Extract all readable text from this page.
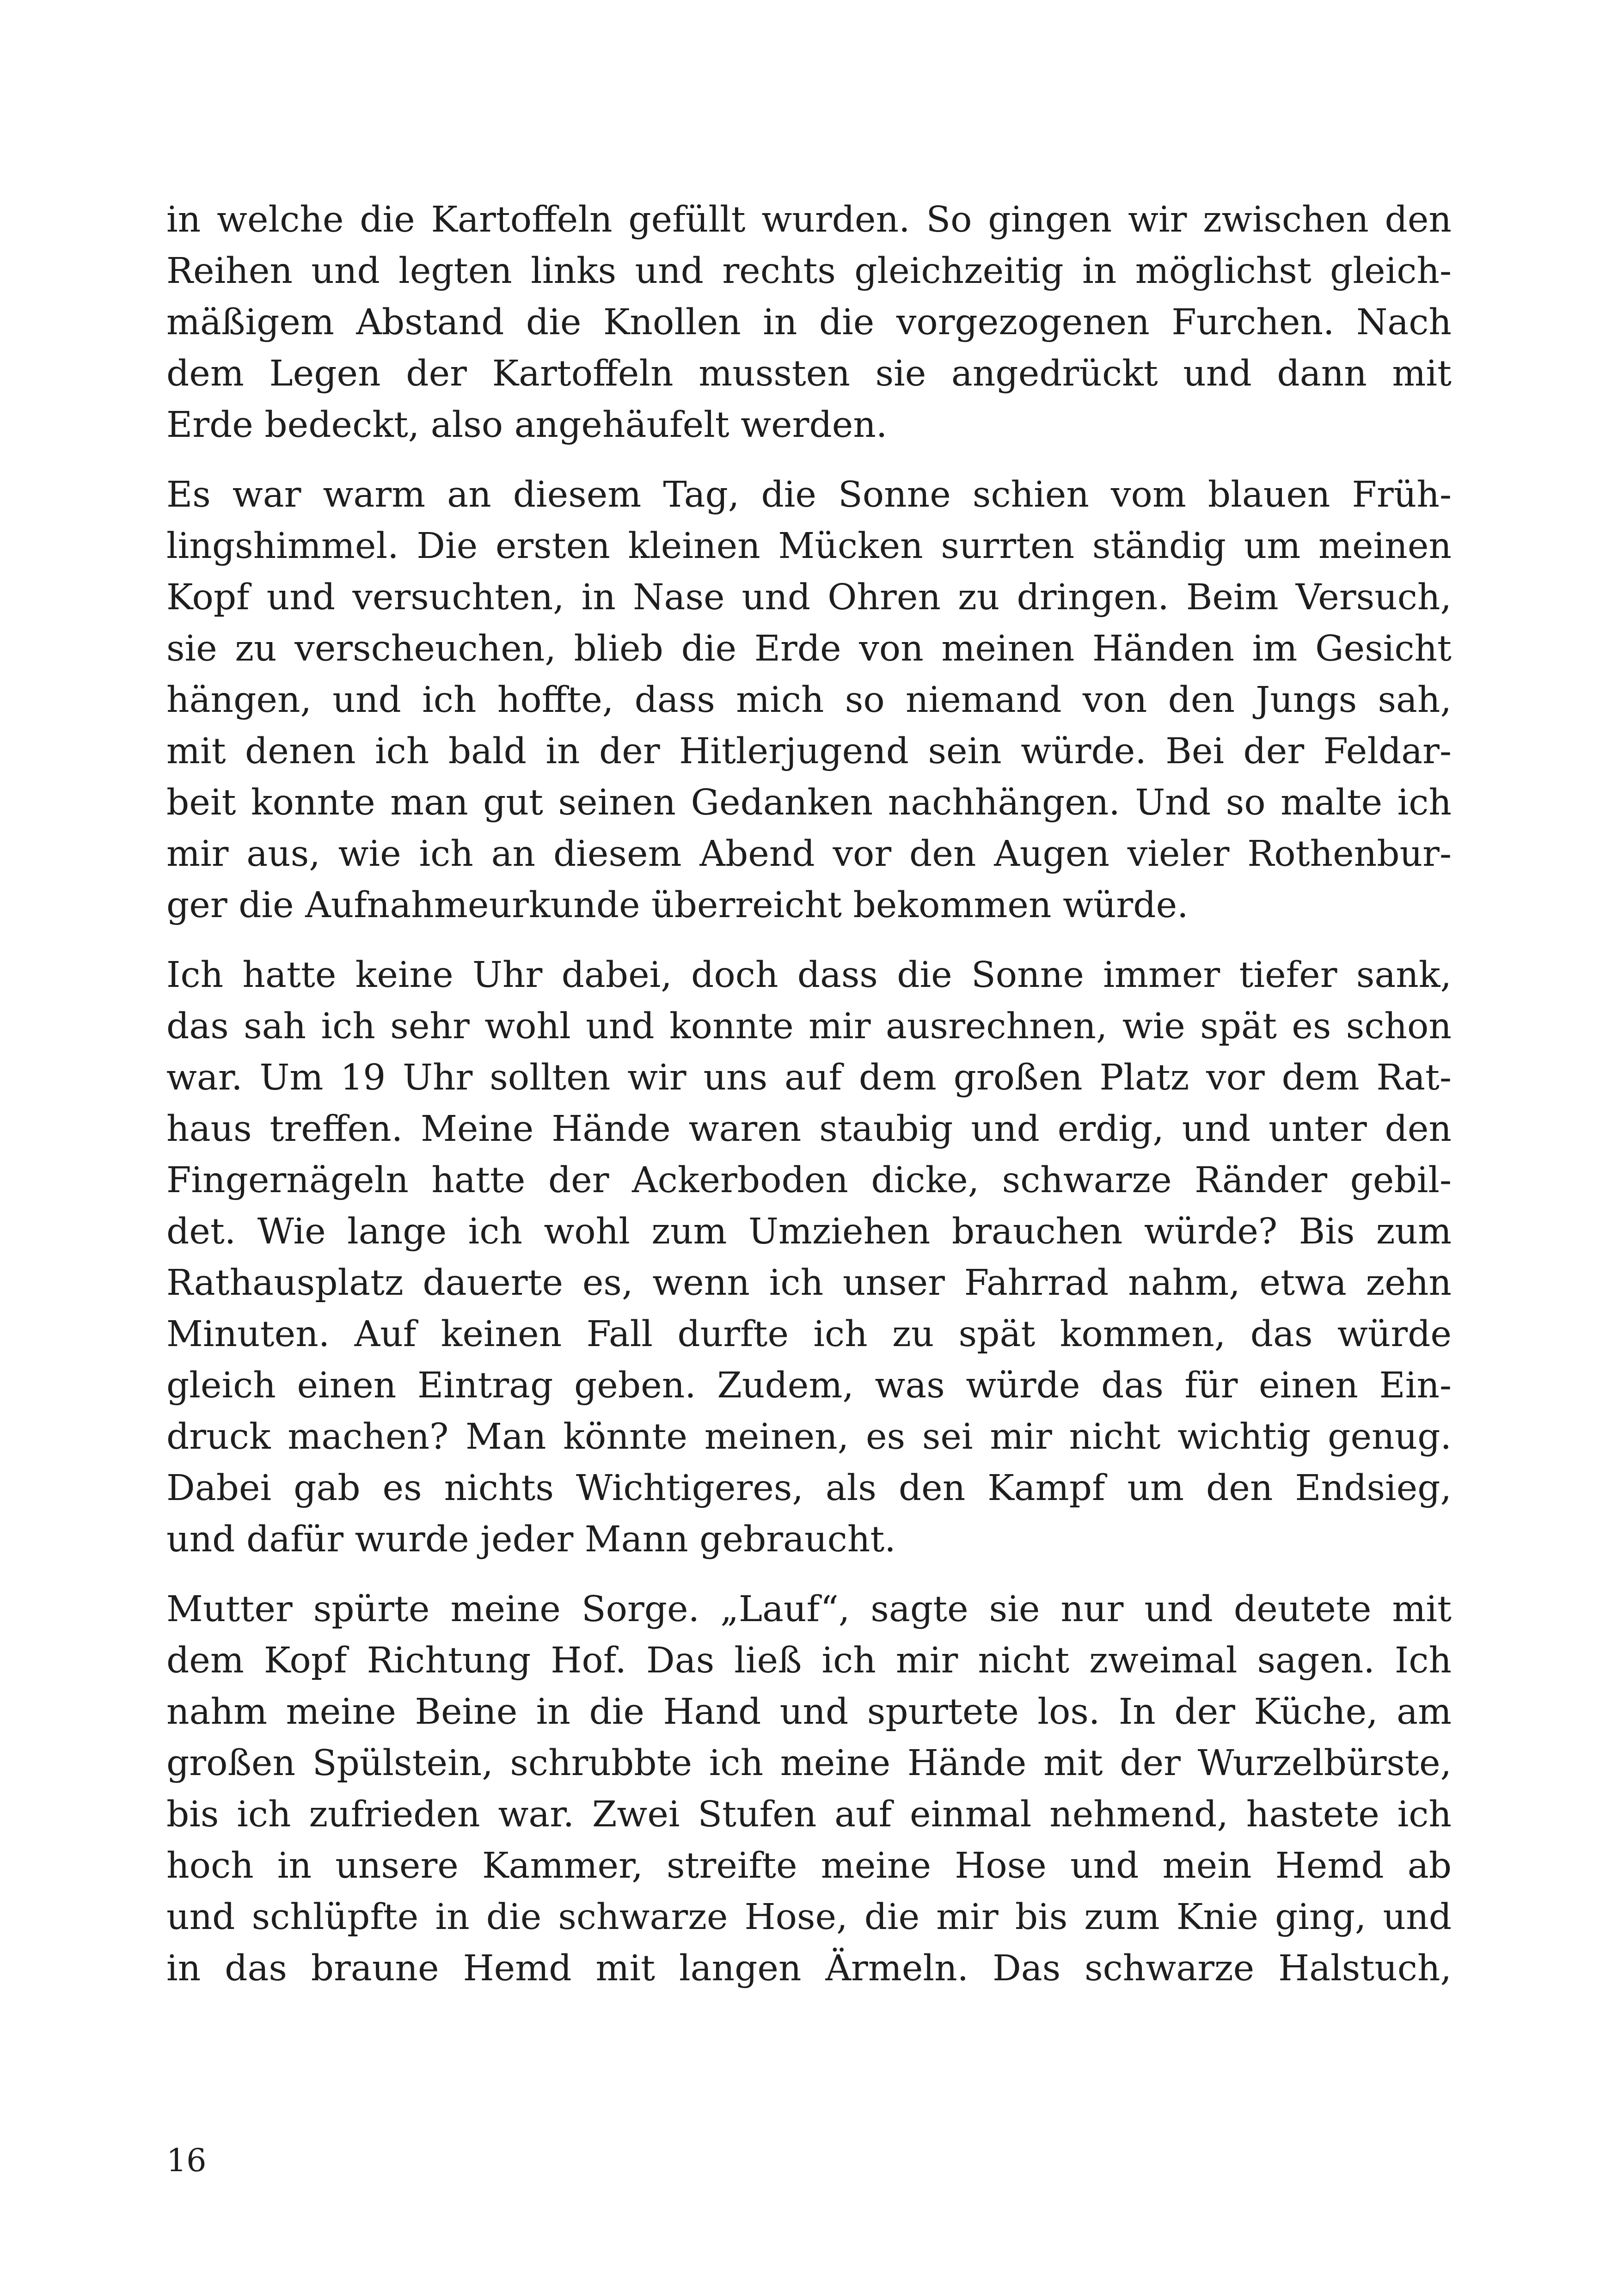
in welche die Kartoffeln gefüllt wurden. So gingen wir zwischen den
Reihen und legten links und rechts gleichzeitig in möglichst gleich-
mäßigem Abstand die Knollen in die vorgezogenen Furchen. Nach
dem Legen der Kartoffeln mussten sie angedrückt und dann mit
Erde bedeckt, also angehäufelt werden.
Es war warm an diesem Tag, die Sonne schien vom blauen Früh-
lingshimmel. Die ersten kleinen Mücken surrten ständig um meinen
Kopf und versuchten, in Nase und Ohren zu dringen. Beim Versuch,
sie zu verscheuchen, blieb die Erde von meinen Händen im Gesicht
hängen, und ich hoffte, dass mich so niemand von den Jungs sah,
mit denen ich bald in der Hitlerjugend sein würde. Bei der Feldar-
beit konnte man gut seinen Gedanken nachhängen. Und so malte ich
mir aus, wie ich an diesem Abend vor den Augen vieler Rothenbur-
ger die Aufnahmeurkunde überreicht bekommen würde.
Ich hatte keine Uhr dabei, doch dass die Sonne immer tiefer sank,
das sah ich sehr wohl und konnte mir ausrechnen, wie spät es schon
war. Um 19 Uhr sollten wir uns auf dem großen Platz vor dem Rat-
haus treffen. Meine Hände waren staubig und erdig, und unter den
Fingernägeln hatte der Ackerboden dicke, schwarze Ränder gebil-
det. Wie lange ich wohl zum Umziehen brauchen würde? Bis zum
Rathausplatz dauerte es, wenn ich unser Fahrrad nahm, etwa zehn
Minuten. Auf keinen Fall durfte ich zu spät kommen, das würde
gleich einen Eintrag geben. Zudem, was würde das für einen Ein-
druck machen? Man könnte meinen, es sei mir nicht wichtig genug.
Dabei gab es nichts Wichtigeres, als den Kampf um den Endsieg,
und dafür wurde jeder Mann gebraucht.
Mutter spürte meine Sorge. „Lauf“, sagte sie nur und deutete mit
dem Kopf Richtung Hof. Das ließ ich mir nicht zweimal sagen. Ich
nahm meine Beine in die Hand und spurtete los. In der Küche, am
großen Spülstein, schrubbte ich meine Hände mit der Wurzelbürste,
bis ich zufrieden war. Zwei Stufen auf einmal nehmend, hastete ich
hoch in unsere Kammer, streifte meine Hose und mein Hemd ab
und schlüpfte in die schwarze Hose, die mir bis zum Knie ging, und
in das braune Hemd mit langen Ärmeln. Das schwarze Halstuch,
16
